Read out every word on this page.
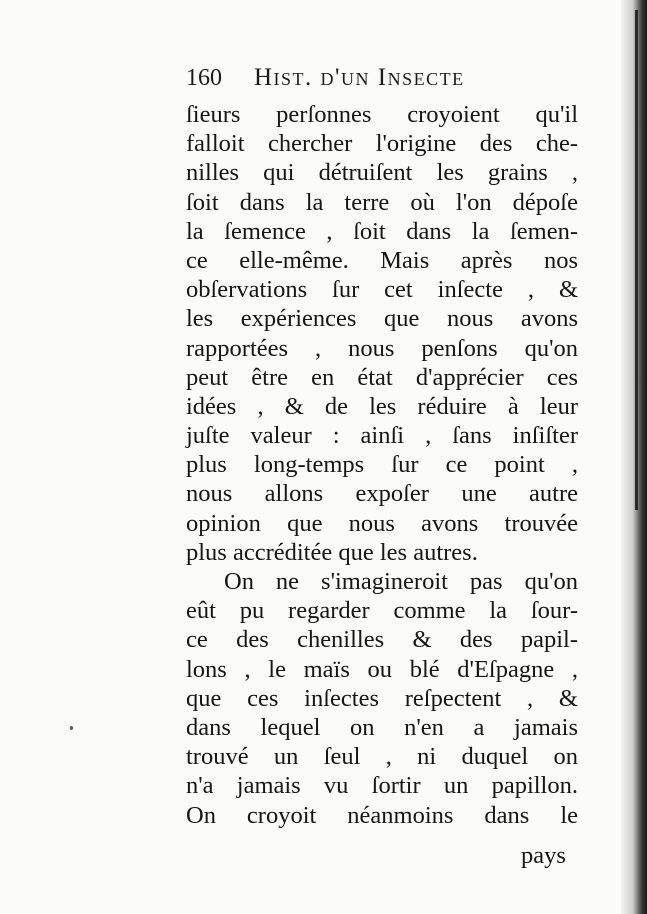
160 Hist. d'un Insecte
ſieurs perſonnes croyoient qu'il
falloit chercher l'origine des che-
nilles qui détruiſent les grains ,
ſoit dans la terre où l'on dépoſe
la ſemence , ſoit dans la ſemen-
ce elle-même. Mais après nos
obſervations ſur cet inſecte , &
les expériences que nous avons
rapportées , nous penſons qu'on
peut être en état d'apprécier ces
idées , & de les réduire à leur
juſte valeur : ainſi , ſans inſiſter
plus long-temps ſur ce point ,
nous allons expoſer une autre
opinion que nous avons trouvée
plus accréditée que les autres.
On ne s'imagineroit pas qu'on
eût pu regarder comme la ſour-
ce des chenilles & des papil-
lons , le maïs ou blé d'Eſpagne ,
que ces inſectes reſpectent , &
dans lequel on n'en a jamais
trouvé un ſeul , ni duquel on
n'a jamais vu ſortir un papillon.
On croyoit néanmoins dans le
pays
